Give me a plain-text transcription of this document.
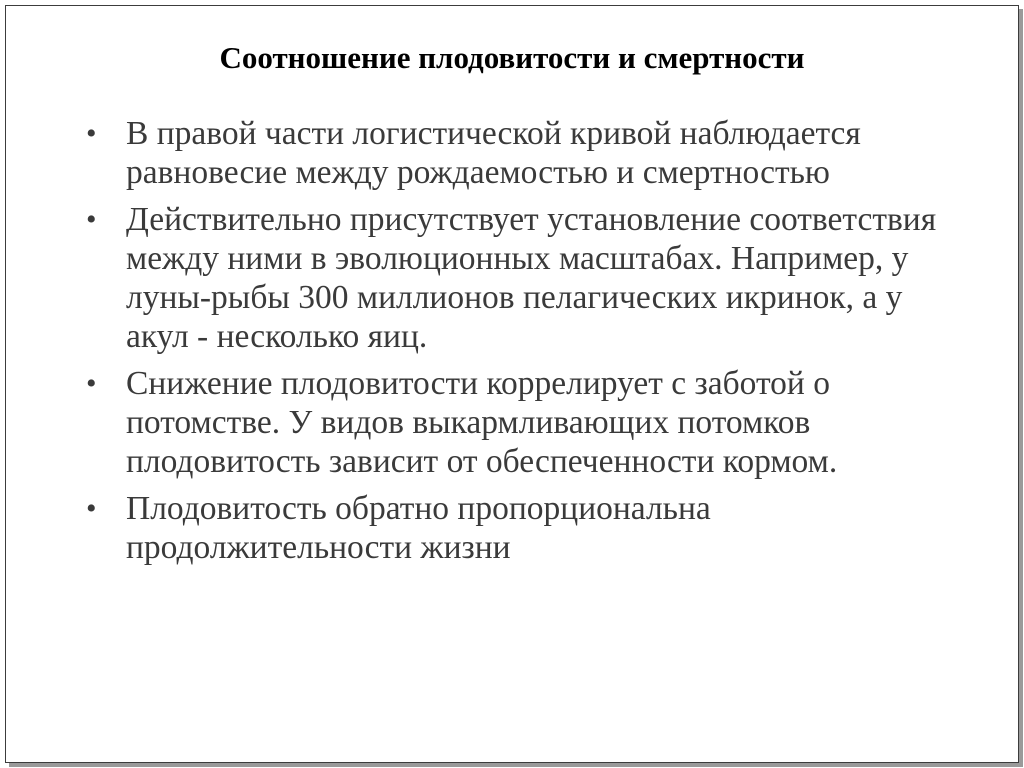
Соотношение плодовитости и смертности
• В правой части логистической кривой наблюдается равновесие между рождаемостью и смертностью
• Действительно присутствует установление соответствия между ними в эволюционных масштабах. Например, у луны-рыбы 300 миллионов пелагических икринок, а у акул - несколько яиц.
• Снижение плодовитости коррелирует с заботой о потомстве. У видов выкармливающих потомков плодовитость зависит от обеспеченности кормом.
• Плодовитость обратно пропорциональна продолжительности жизни
